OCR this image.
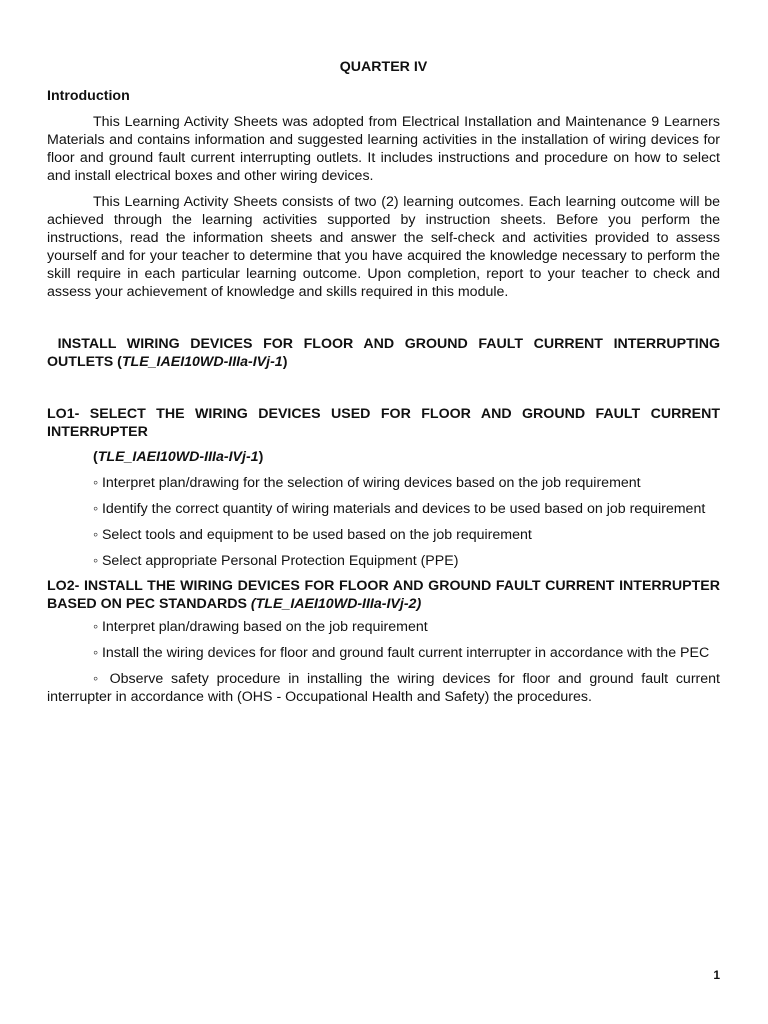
QUARTER IV

Introduction

This Learning Activity Sheets was adopted from Electrical Installation and Maintenance 9 Learners Materials and contains information and suggested learning activities in the installation of wiring devices for floor and ground fault current interrupting outlets. It includes instructions and procedure on how to select and install electrical boxes and other wiring devices.

This Learning Activity Sheets consists of two (2) learning outcomes. Each learning outcome will be achieved through the learning activities supported by instruction sheets. Before you perform the instructions, read the information sheets and answer the self-check and activities provided to assess yourself and for your teacher to determine that you have acquired the knowledge necessary to perform the skill require in each particular learning outcome. Upon completion, report to your teacher to check and assess your achievement of knowledge and skills required in this module.

INSTALL WIRING DEVICES FOR FLOOR AND GROUND FAULT CURRENT INTERRUPTING OUTLETS (TLE_IAEI10WD-IIIa-IVj-1)

LO1- SELECT THE WIRING DEVICES USED FOR FLOOR AND GROUND FAULT CURRENT INTERRUPTER

(TLE_IAEI10WD-IIIa-IVj-1)

◦ Interpret plan/drawing for the selection of wiring devices based on the job requirement

◦ Identify the correct quantity of wiring materials and devices to be used based on job requirement

◦ Select tools and equipment to be used based on the job requirement

◦ Select appropriate Personal Protection Equipment (PPE)

LO2- INSTALL THE WIRING DEVICES FOR FLOOR AND GROUND FAULT CURRENT INTERRUPTER BASED ON PEC STANDARDS (TLE_IAEI10WD-IIIa-IVj-2)

◦ Interpret plan/drawing based on the job requirement

◦ Install the wiring devices for floor and ground fault current interrupter in accordance with the PEC

◦ Observe safety procedure in installing the wiring devices for floor and ground fault current interrupter in accordance with (OHS - Occupational Health and Safety) the procedures.

1
